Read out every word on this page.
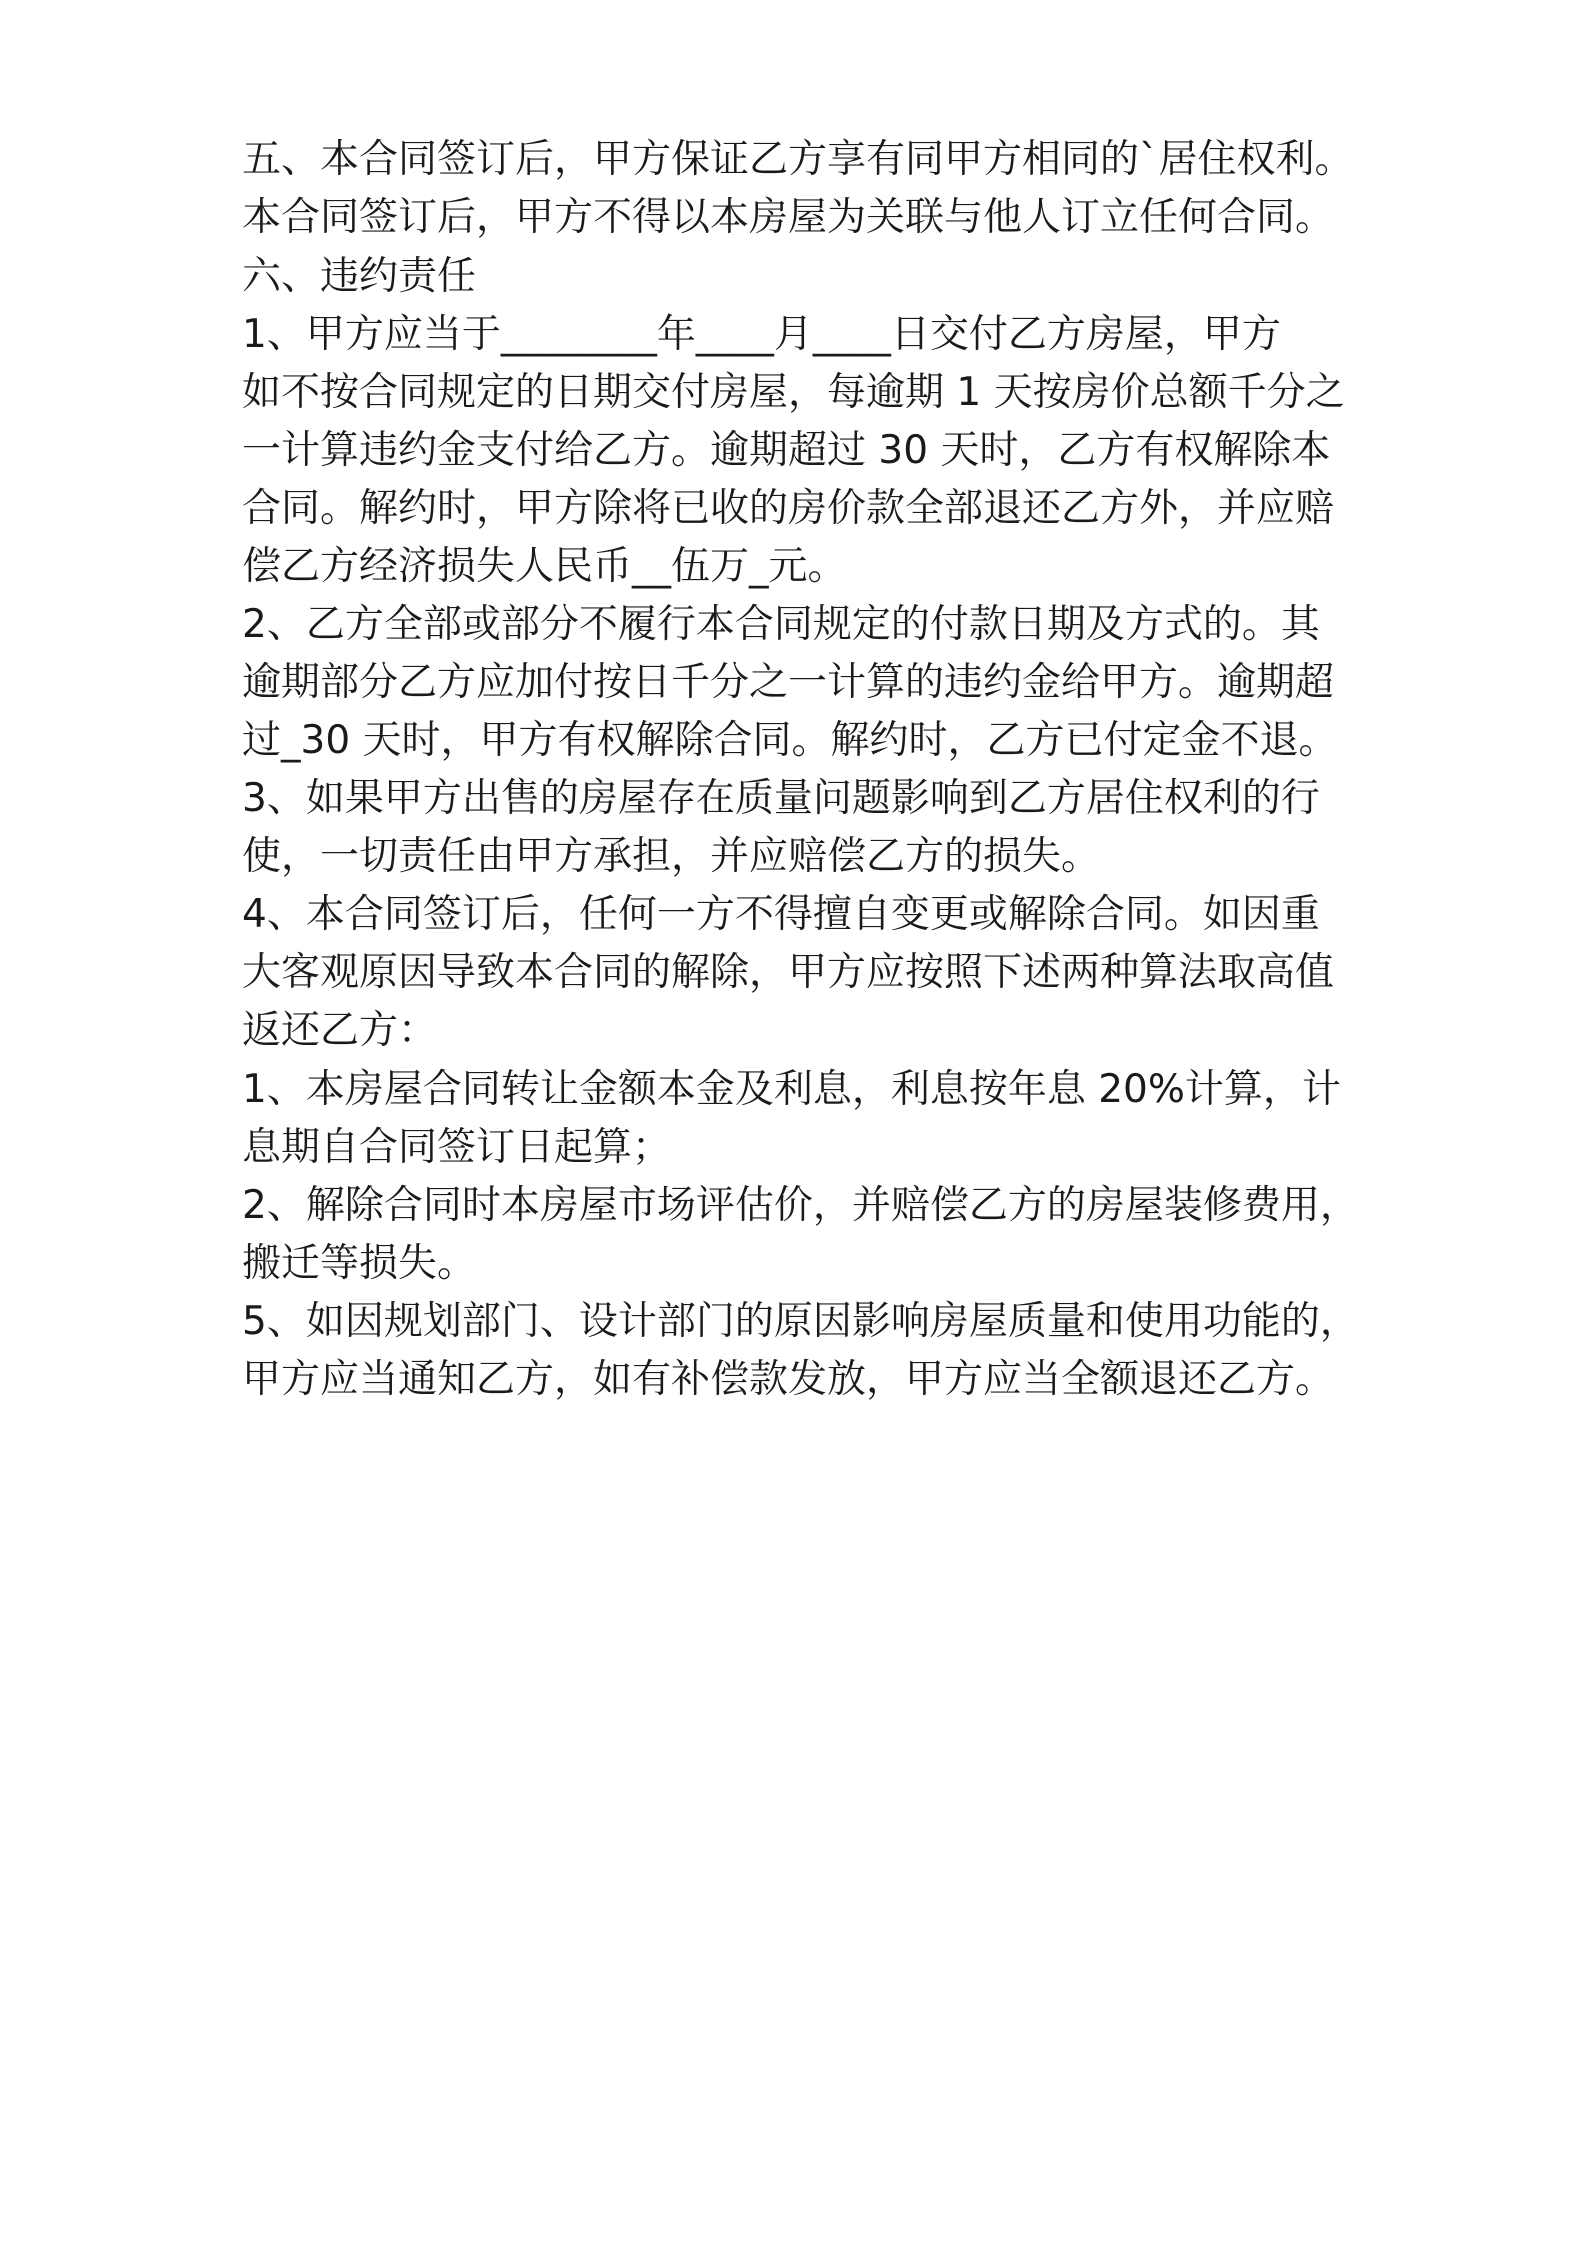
五、本合同签订后，甲方保证乙方享有同甲方相同的`居住权利。
本合同签订后，甲方不得以本房屋为关联与他人订立任何合同。
六、违约责任
1、甲方应当于________年____月____日交付乙方房屋，甲方
如不按合同规定的日期交付房屋，每逾期 1 天按房价总额千分之
一计算违约金支付给乙方。逾期超过 30 天时，乙方有权解除本
合同。解约时，甲方除将已收的房价款全部退还乙方外，并应赔
偿乙方经济损失人民币__伍万_元。
2、乙方全部或部分不履行本合同规定的付款日期及方式的。其
逾期部分乙方应加付按日千分之一计算的违约金给甲方。逾期超
过_30 天时，甲方有权解除合同。解约时，乙方已付定金不退。
3、如果甲方出售的房屋存在质量问题影响到乙方居住权利的行
使，一切责任由甲方承担，并应赔偿乙方的损失。
4、本合同签订后，任何一方不得擅自变更或解除合同。如因重
大客观原因导致本合同的解除，甲方应按照下述两种算法取高值
返还乙方：
1、本房屋合同转让金额本金及利息，利息按年息 20%计算，计
息期自合同签订日起算；
2、解除合同时本房屋市场评估价，并赔偿乙方的房屋装修费用，
搬迁等损失。
5、如因规划部门、设计部门的原因影响房屋质量和使用功能的，
甲方应当通知乙方，如有补偿款发放，甲方应当全额退还乙方。
